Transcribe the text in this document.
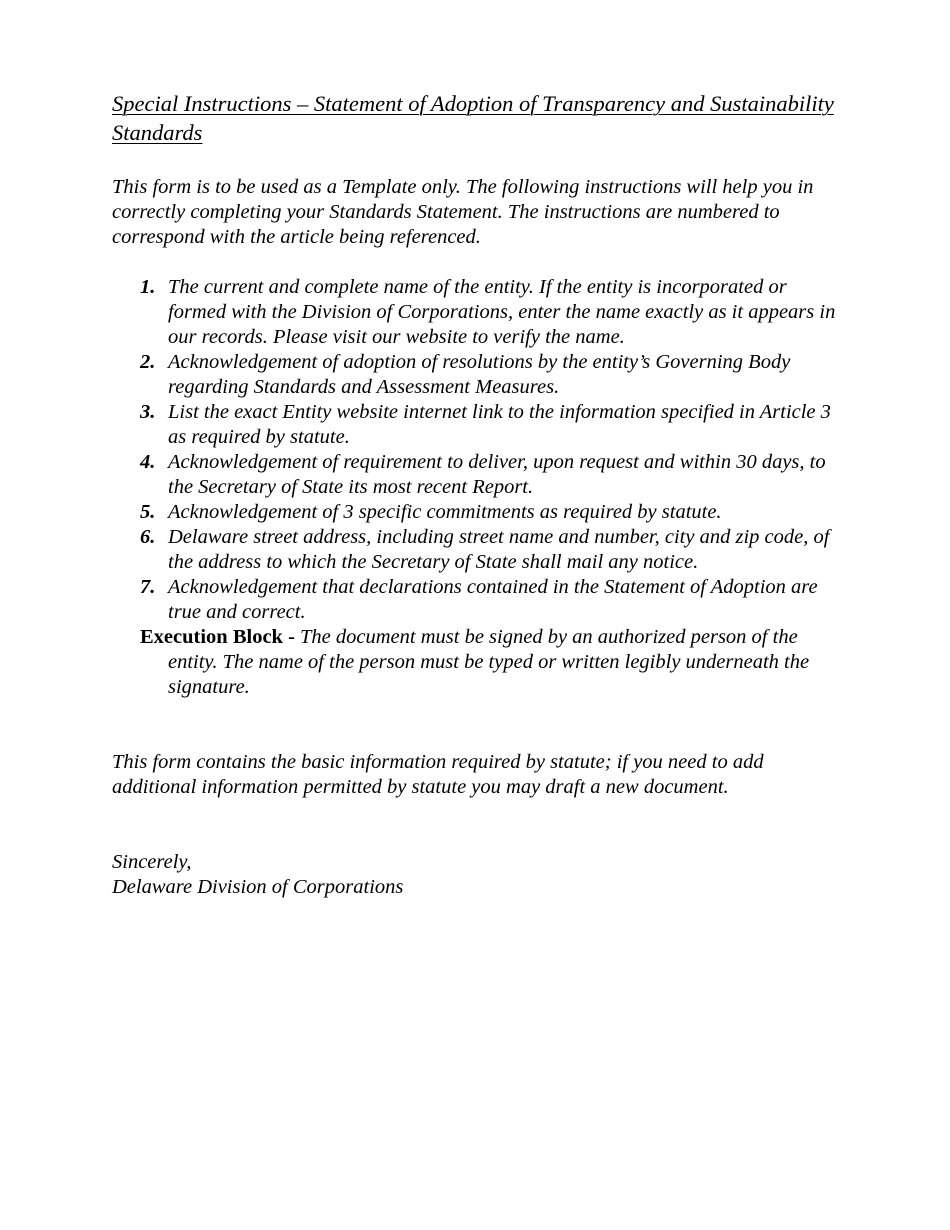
Special Instructions – Statement of Adoption of Transparency and Sustainability Standards

This form is to be used as a Template only. The following instructions will help you in correctly completing your Standards Statement. The instructions are numbered to correspond with the article being referenced.

1. The current and complete name of the entity. If the entity is incorporated or formed with the Division of Corporations, enter the name exactly as it appears in our records. Please visit our website to verify the name.
2. Acknowledgement of adoption of resolutions by the entity’s Governing Body regarding Standards and Assessment Measures.
3. List the exact Entity website internet link to the information specified in Article 3 as required by statute.
4. Acknowledgement of requirement to deliver, upon request and within 30 days, to the Secretary of State its most recent Report.
5. Acknowledgement of 3 specific commitments as required by statute.
6. Delaware street address, including street name and number, city and zip code, of the address to which the Secretary of State shall mail any notice.
7. Acknowledgement that declarations contained in the Statement of Adoption are true and correct.

Execution Block - The document must be signed by an authorized person of the entity. The name of the person must be typed or written legibly underneath the signature.

This form contains the basic information required by statute; if you need to add additional information permitted by statute you may draft a new document.

Sincerely,
Delaware Division of Corporations
